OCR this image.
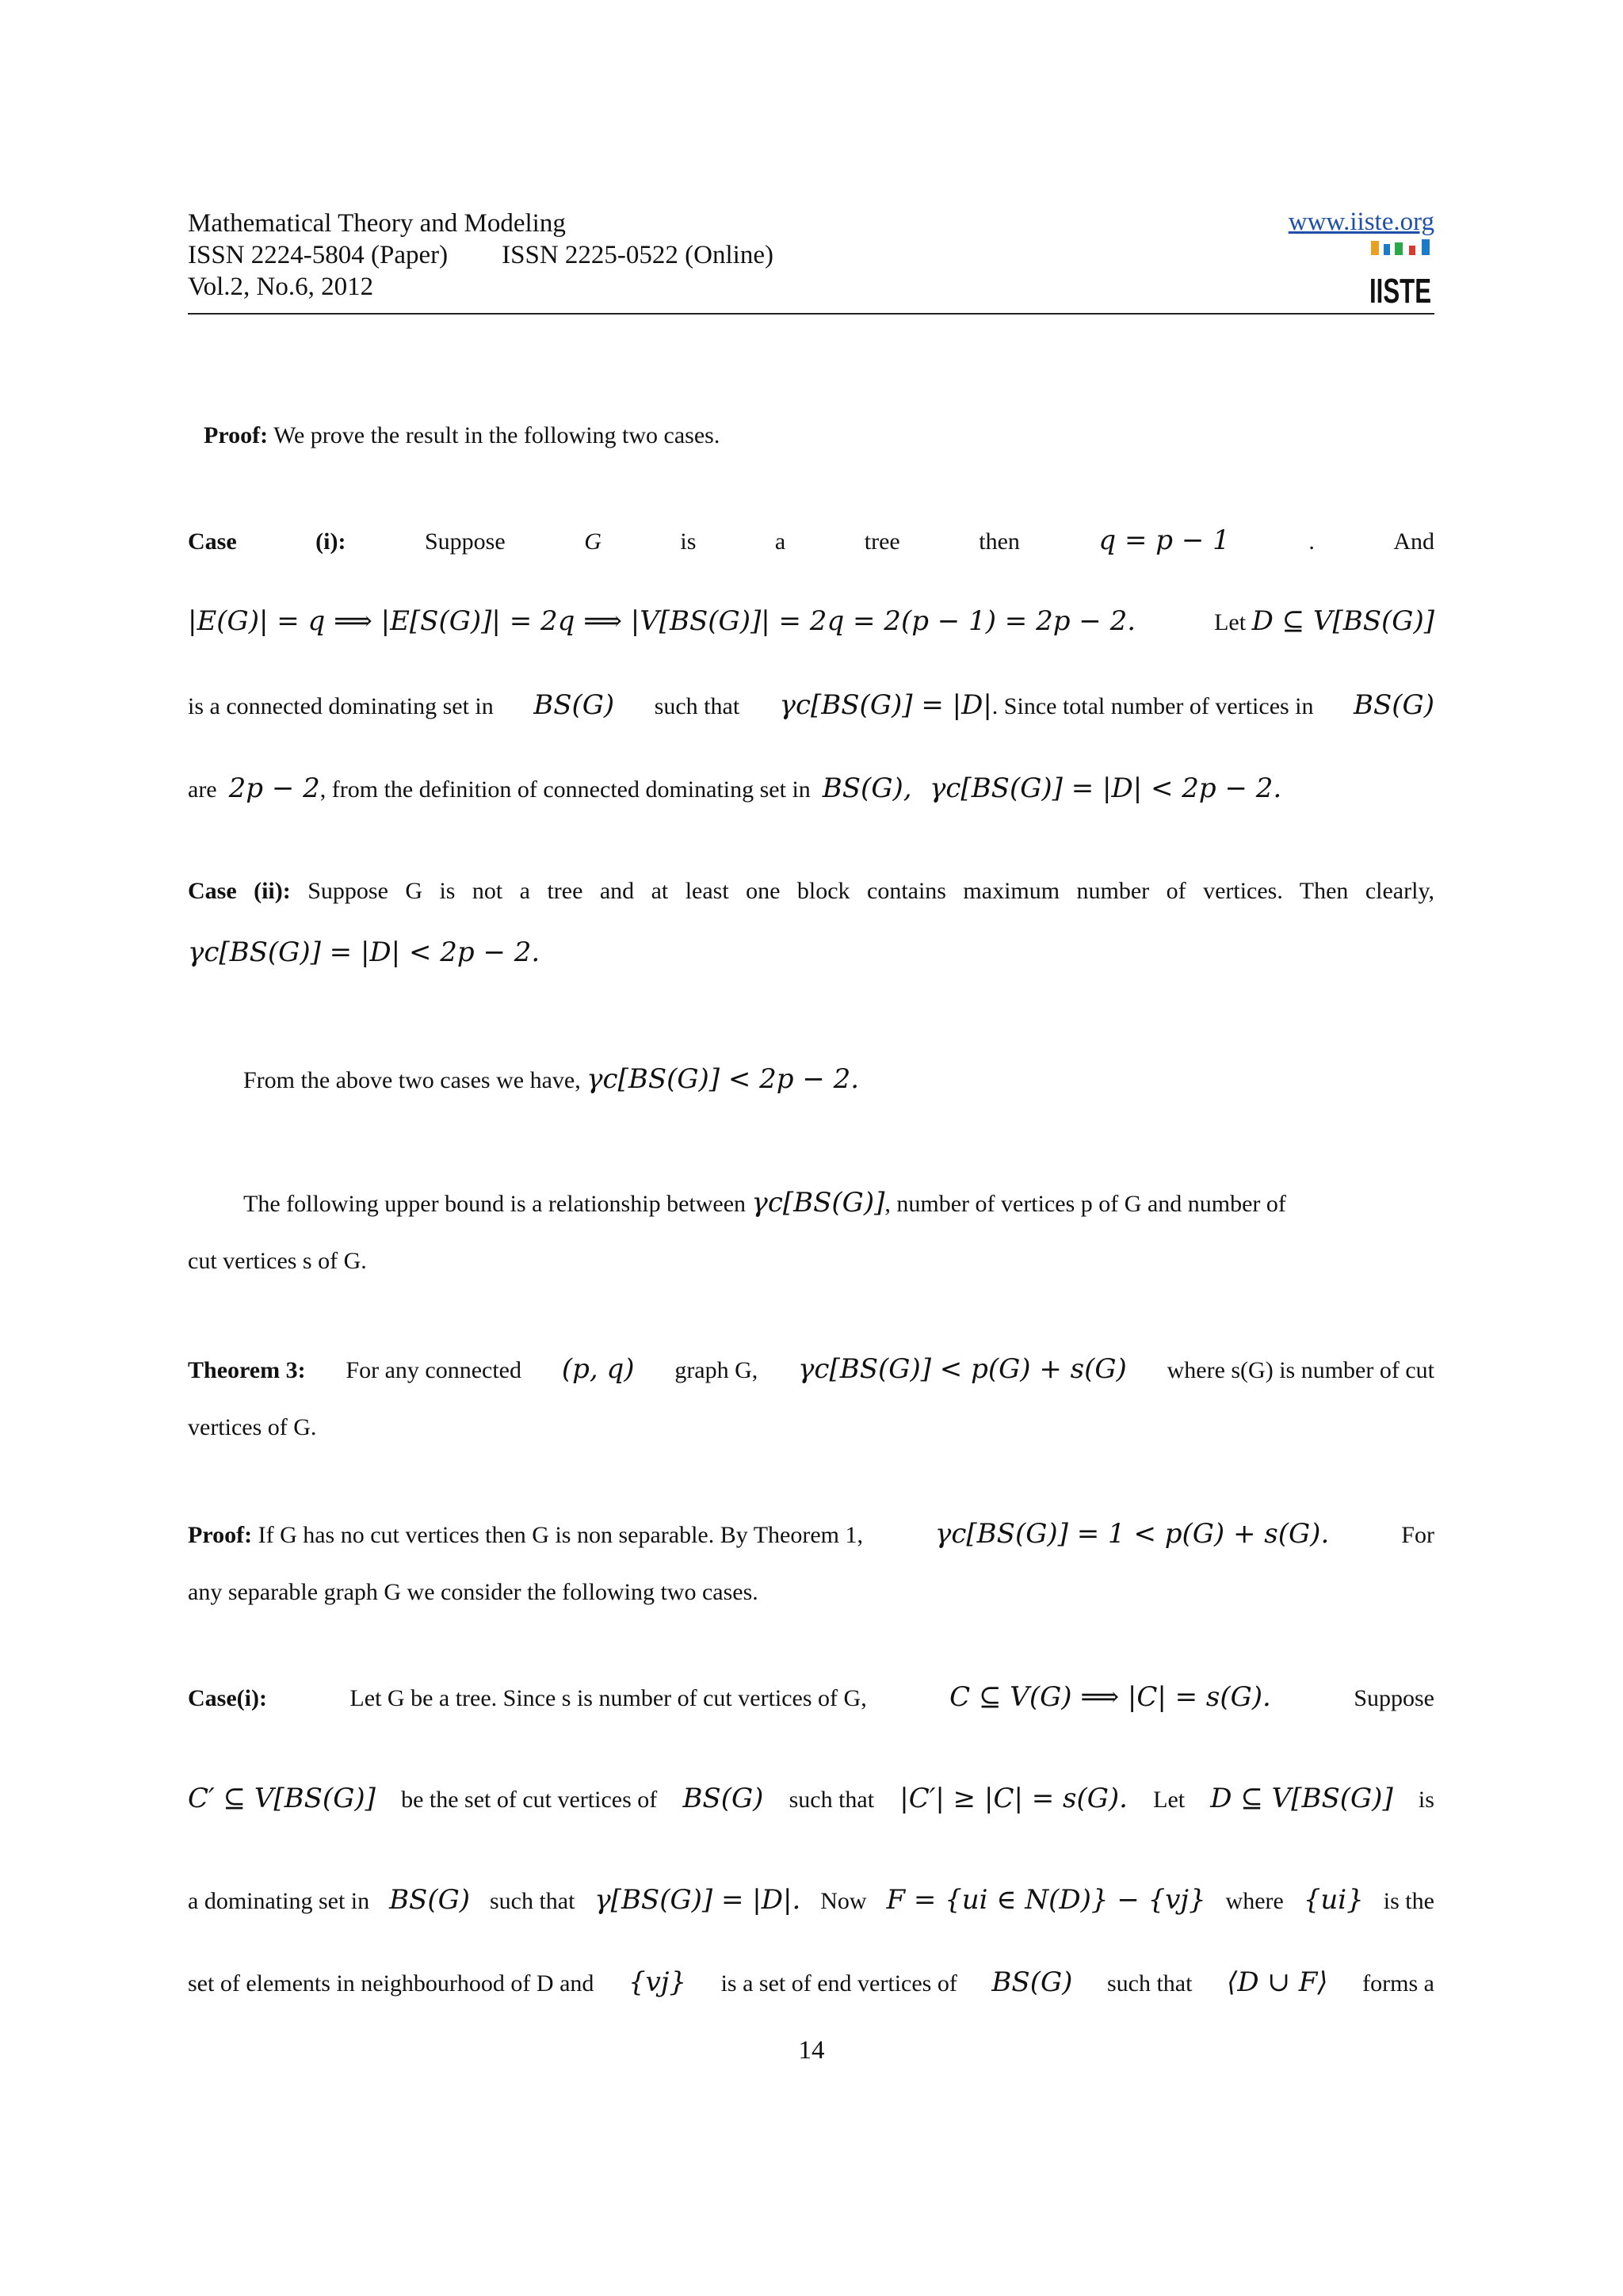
Mathematical Theory and Modeling
ISSN 2224-5804 (Paper) ISSN 2225-0522 (Online)
Vol.2, No.6, 2012
www.iiste.org
IISTE
Proof: We prove the result in the following two cases.
Case	(i):	Suppose	G	is	a	tree	then	q = p − 1	.	And
|E(G)| = q ⟹ |E[S(G)]| = 2q ⟹ |V[BS(G)]| = 2q = 2(p − 1) = 2p − 2.	Let D ⊆ V[BS(G)]
is a connected dominating set in BS(G) such that γc[BS(G)] = |D|. Since total number of vertices in BS(G)
are 2p − 2, from the definition of connected dominating set in BS(G), γc[BS(G)] = |D| < 2p − 2.
Case (ii): Suppose G is not a tree and at least one block contains maximum number of vertices. Then clearly,
γc[BS(G)] = |D| < 2p − 2.
From the above two cases we have, γc[BS(G)] < 2p − 2.
The following upper bound is a relationship between γc[BS(G)], number of vertices p of G and number of
cut vertices s of G.
Theorem 3: For any connected (p, q) graph G, γc[BS(G)] < p(G) + s(G) where s(G) is number of cut
vertices of G.
Proof: If G has no cut vertices then G is non separable. By Theorem 1,	γc[BS(G)] = 1 < p(G) + s(G).	For
any separable graph G we consider the following two cases.
Case(i):	Let G be a tree. Since s is number of cut vertices of G,	C ⊆ V(G) ⟹ |C| = s(G).	Suppose
C′ ⊆ V[BS(G)] be the set of cut vertices of BS(G) such that |C′| ≥ |C| = s(G). Let D ⊆ V[BS(G)] is
a dominating set in BS(G) such that γ[BS(G)] = |D|. Now F = {ui ∈ N(D)} − {vj} where {ui} is the
set of elements in neighbourhood of D and {vj} is a set of end vertices of BS(G) such that ⟨D ∪ F⟩ forms a
14
